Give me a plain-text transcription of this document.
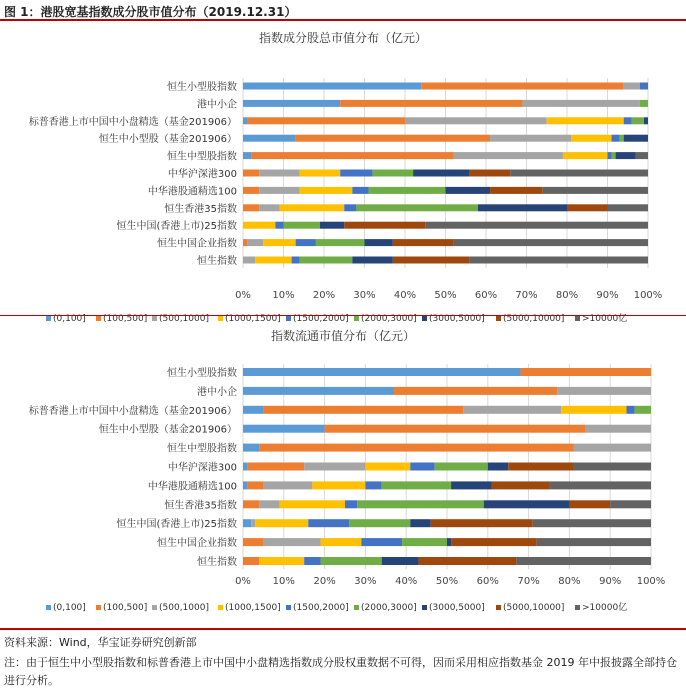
图 1：港股宽基指数成分股市值分布（2019.12.31）
指数成分股总市值分布（亿元）
0% 10% 20% 30% 40% 50% 60% 70% 80% 90% 100%
恒生小型股指数
港中小企
标普香港上市中国中小盘精选（基金201906）
恒生中小型股（基金201906）
恒生中型股指数
中华沪深港300
中华港股通精选100
恒生香港35指数
恒生中国(香港上市)25指数
恒生中国企业指数
恒生指数
(0,100] (100,500] (500,1000] (1000,1500] (1500,2000] (2000,3000] (3000,5000] (5000,10000] >10000亿
指数流通市值分布（亿元）
0% 10% 20% 30% 40% 50% 60% 70% 80% 90% 100%
恒生小型股指数
港中小企
标普香港上市中国中小盘精选（基金201906）
恒生中小型股（基金201906）
恒生中型股指数
中华沪深港300
中华港股通精选100
恒生香港35指数
恒生中国(香港上市)25指数
恒生中国企业指数
恒生指数
(0,100] (100,500] (500,1000] (1000,1500] (1500,2000] (2000,3000] (3000,5000] (5000,10000] >10000亿
资料来源：Wind，华宝证券研究创新部
注：由于恒生中小型股指数和标普香港上市中国中小盘精选指数成分股权重数据不可得，因而采用相应指数基金 2019 年中报披露全部持仓进行分析。
